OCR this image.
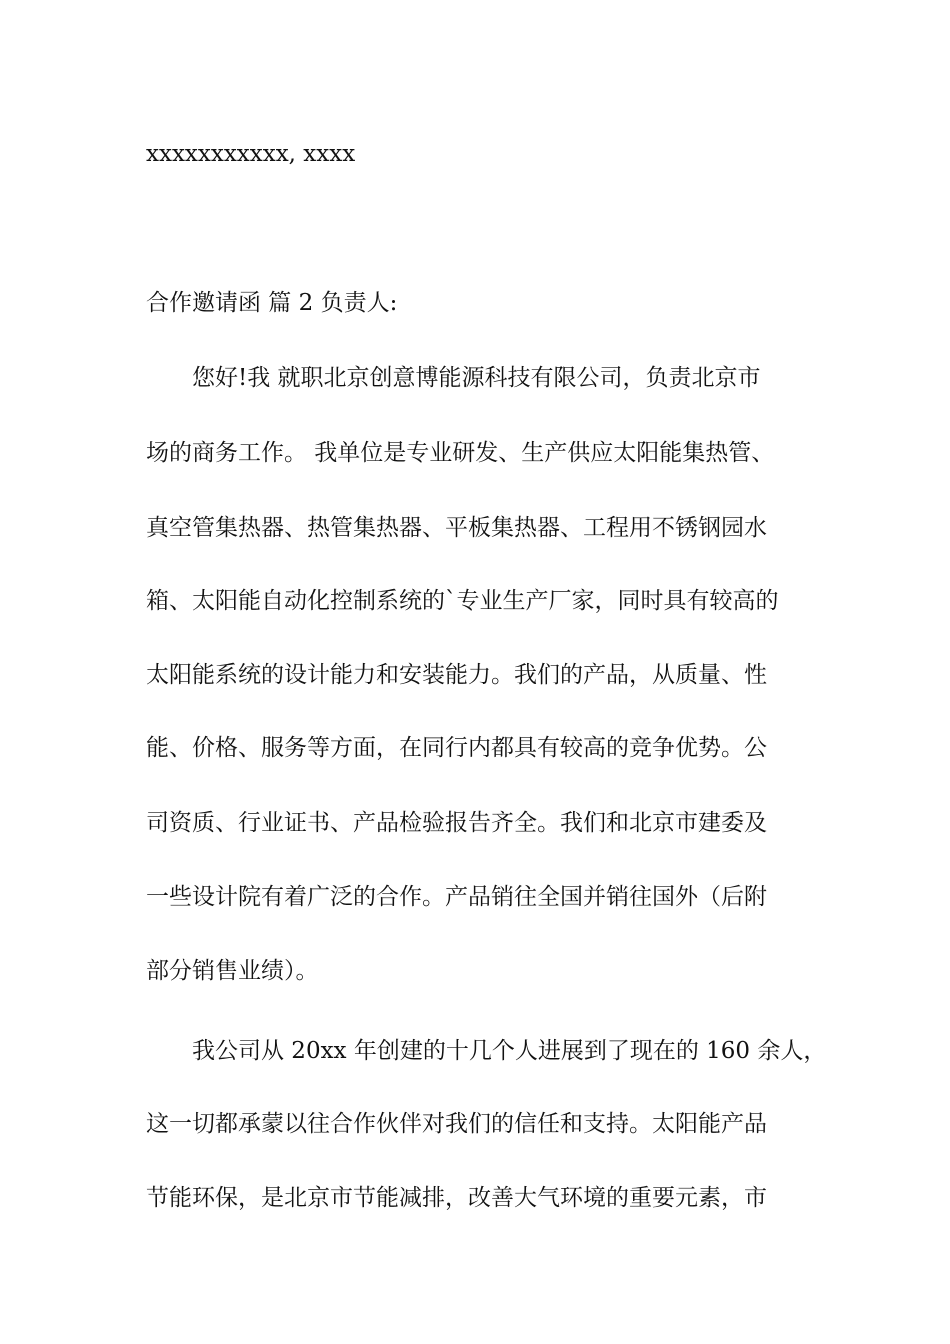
xxxxxxxxxxx, xxxx
合作邀请函 篇 2 负责人:
您好!我 就职北京创意博能源科技有限公司，负责北京市
场的商务工作。 我单位是专业研发、生产供应太阳能集热管、
真空管集热器、热管集热器、平板集热器、工程用不锈钢园水
箱、太阳能自动化控制系统的`专业生产厂家，同时具有较高的
太阳能系统的设计能力和安装能力。我们的产品，从质量、性
能、价格、服务等方面，在同行内都具有较高的竞争优势。公
司资质、行业证书、产品检验报告齐全。我们和北京市建委及
一些设计院有着广泛的合作。产品销往全国并销往国外（后附
部分销售业绩）。
我公司从 20xx 年创建的十几个人进展到了现在的 160 余人，
这一切都承蒙以往合作伙伴对我们的信任和支持。太阳能产品
节能环保，是北京市节能减排，改善大气环境的重要元素，市
